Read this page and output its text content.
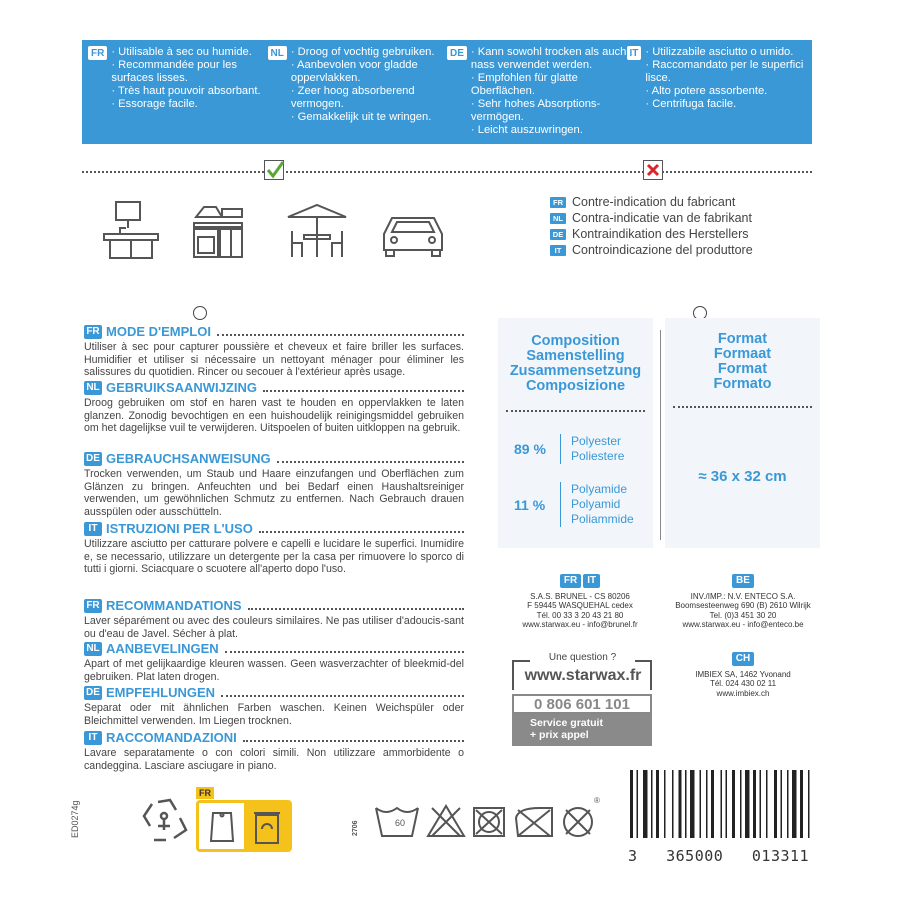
FR · Utilisable à sec ou humide.
· Recommandée pour les surfaces lisses.
· Très haut pouvoir absorbant.
· Essorage facile.
NL · Droog of vochtig gebruiken.
· Aanbevolen voor gladde oppervlakken.
· Zeer hoog absorberend vermogen.
· Gemakkelijk uit te wringen.
DE · Kann sowohl trocken als auch nass verwendet werden.
· Empfohlen für glatte Oberflächen.
· Sehr hohes Absorptions-vermögen.
· Leicht auszuwringen.
IT · Utilizzabile asciutto o umido.
· Raccomandato per le superfici lisce.
· Alto potere assorbente.
· Centrifuga facile.
FR Contre-indication du fabricant
NL Contra-indicatie van de fabrikant
DE Kontraindikation des Herstellers
IT Controindicazione del produttore
FR MODE D'EMPLOI
Utiliser à sec pour capturer poussière et cheveux et faire briller les surfaces. Humidifier et utiliser si nécessaire un nettoyant ménager pour éliminer les salissures du quotidien. Rincer ou secouer à l'extérieur après usage.
NL GEBRUIKSAANWIJZING
Droog gebruiken om stof en haren vast te houden en oppervlakken te laten glanzen. Zonodig bevochtigen en een huishoudelijk reinigingsmiddel gebruiken om het dagelijkse vuil te verwijderen. Uitspoelen of buiten uitkloppen na gebruik.
DE GEBRAUCHSANWEISUNG
Trocken verwenden, um Staub und Haare einzufangen und Oberflächen zum Glänzen zu bringen. Anfeuchten und bei Bedarf einen Haushaltsreiniger verwenden, um gewöhnlichen Schmutz zu entfernen. Nach Gebrauch drauen ausspülen oder ausschütteln.
IT ISTRUZIONI PER L'USO
Utilizzare asciutto per catturare polvere e capelli e lucidare le superfici. Inumidire e, se necessario, utilizzare un detergente per la casa per rimuovere lo sporco di tutti i giorni. Sciacquare o scuotere all'aperto dopo l'uso.
FR RECOMMANDATIONS
Laver séparément ou avec des couleurs similaires. Ne pas utiliser d'adoucis-sant ou d'eau de Javel. Sécher à plat.
NL AANBEVELINGEN
Apart of met gelijkaardige kleuren wassen. Geen wasverzachter of bleekmid-del gebruiken. Plat laten drogen.
DE EMPFEHLUNGEN
Separat oder mit ähnlichen Farben waschen. Keinen Weichspüler oder Bleichmittel verwenden. Im Liegen trocknen.
IT RACCOMANDAZIONI
Lavare separatamente o con colori simili. Non utilizzare ammorbidente o candeggina. Lasciare asciugare in piano.
Composition
Samenstelling
Zusammensetzung
Composizione
89 %	Polyester
Poliestere
11 %
Polyamide
Polyamid
Poliammide
Format
Formaat
Format
Formato
≈ 36 x 32 cm
FR IT
S.A.S. BRUNEL - CS 80206
F 59445 WASQUEHAL cedex
Tél. 00 33 3 20 43 21 80
www.starwax.eu - info@brunel.fr
BE
INV./IMP.: N.V. ENTECO S.A.
Boomsesteenweg 690 (B) 2610 Wilrijk
Tel. (0)3 451 30 20
www.starwax.eu - info@enteco.be
CH
IMBIEX SA, 1462 Yvonand
Tél. 024 430 02 11
www.imbiex.ch
Une question ?
www.starwax.fr
0 806 601 101
Service gratuit
+ prix appel
ED0274g
FR
2706	60
®
3   365000   013311
